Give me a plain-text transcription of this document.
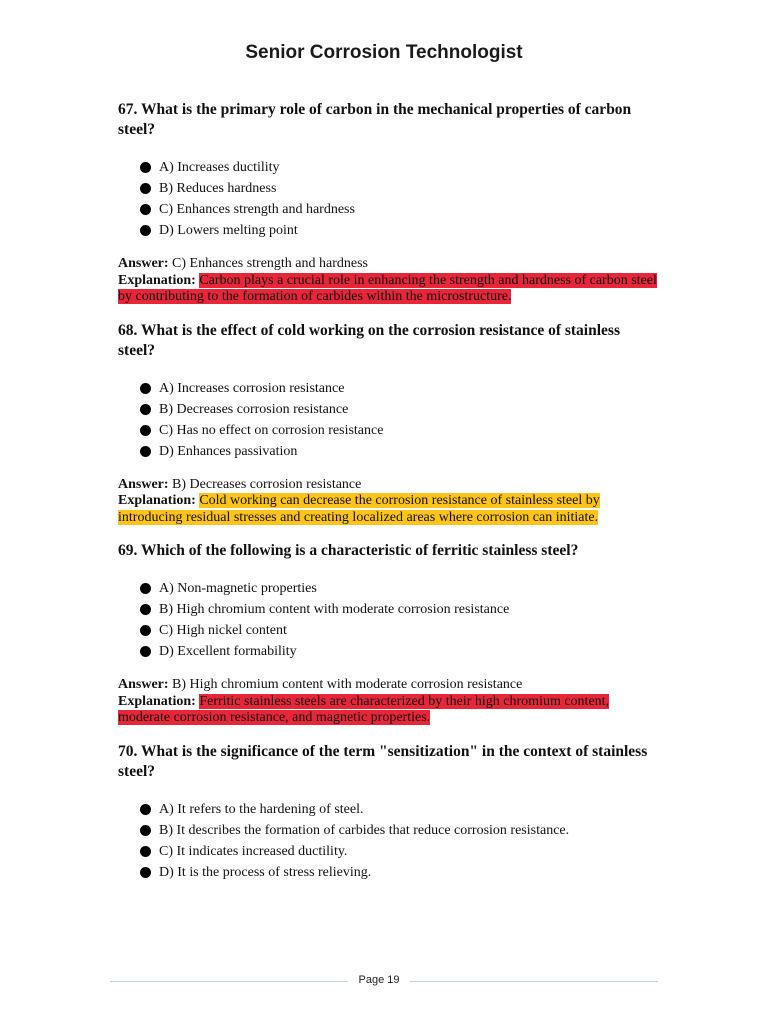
Senior Corrosion Technologist

67. What is the primary role of carbon in the mechanical properties of carbon steel?

A) Increases ductility
B) Reduces hardness
C) Enhances strength and hardness
D) Lowers melting point
Answer: C) Enhances strength and hardness
Explanation: Carbon plays a crucial role in enhancing the strength and hardness of carbon steel by contributing to the formation of carbides within the microstructure.

68. What is the effect of cold working on the corrosion resistance of stainless steel?

A) Increases corrosion resistance
B) Decreases corrosion resistance
C) Has no effect on corrosion resistance
D) Enhances passivation
Answer: B) Decreases corrosion resistance
Explanation: Cold working can decrease the corrosion resistance of stainless steel by introducing residual stresses and creating localized areas where corrosion can initiate.

69. Which of the following is a characteristic of ferritic stainless steel?

A) Non-magnetic properties
B) High chromium content with moderate corrosion resistance
C) High nickel content
D) Excellent formability
Answer: B) High chromium content with moderate corrosion resistance
Explanation: Ferritic stainless steels are characterized by their high chromium content, moderate corrosion resistance, and magnetic properties.

70. What is the significance of the term "sensitization" in the context of stainless steel?

A) It refers to the hardening of steel.
B) It describes the formation of carbides that reduce corrosion resistance.
C) It indicates increased ductility.
D) It is the process of stress relieving.
Page 19
